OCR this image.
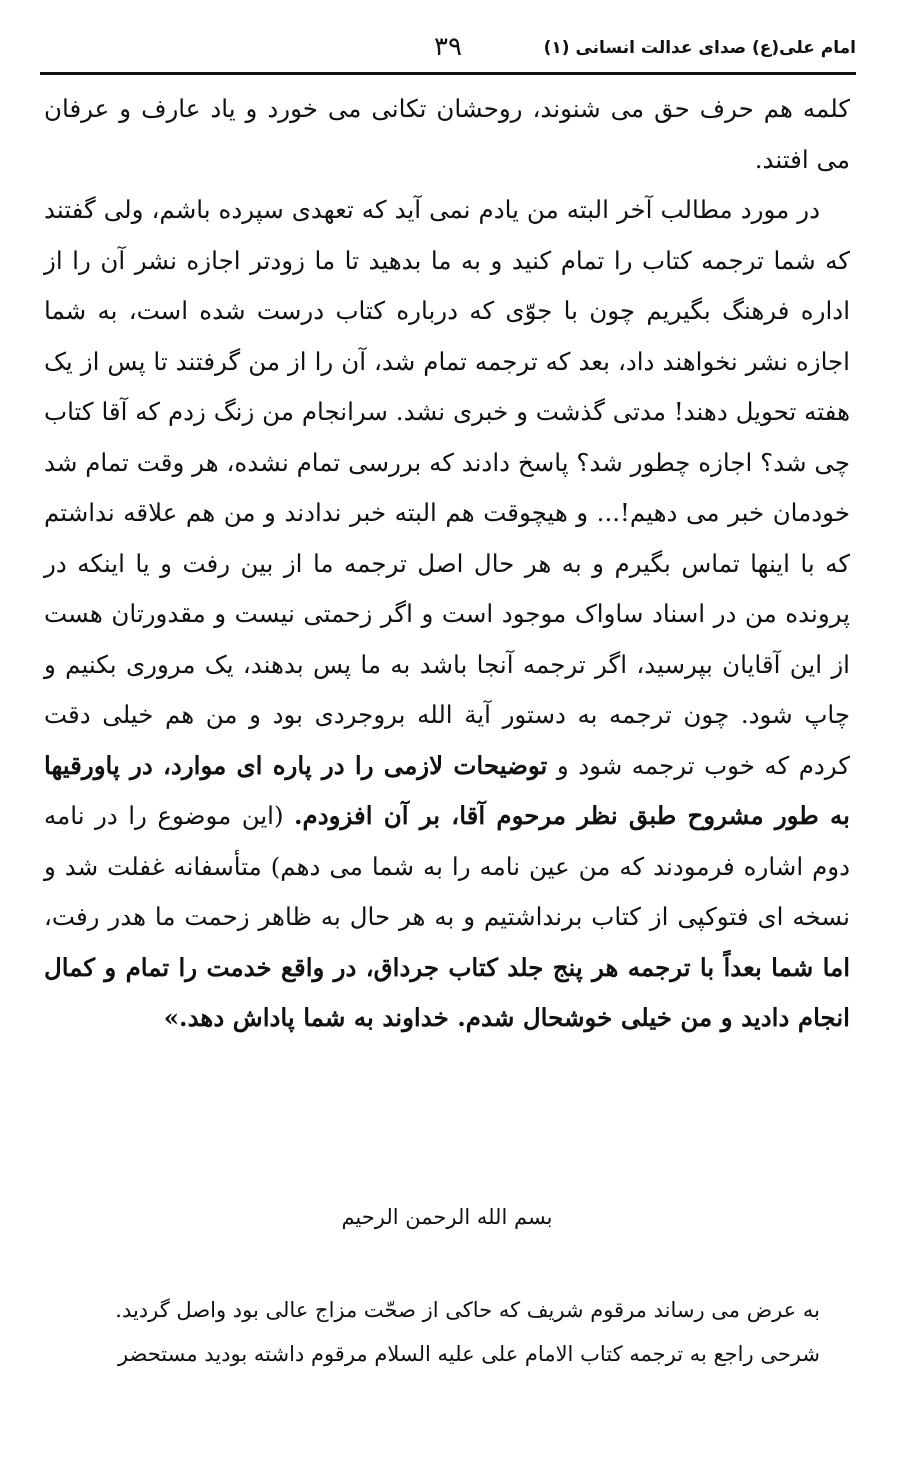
امام علی(ع) صدای عدالت انسانی (۱)
۳۹

کلمه هم حرف حق می شنوند، روحشان تکانی می خورد و یاد عارف و عرفان می افتند.

در مورد مطالب آخر البته من یادم نمی آید که تعهدی سپرده باشم، ولی گفتند که شما ترجمه کتاب را تمام کنید و به ما بدهید تا ما زودتر اجازه نشر آن را از اداره فرهنگ بگیریم چون با جوّی که درباره کتاب درست شده است، به شما اجازه نشر نخواهند داد، بعد که ترجمه تمام شد، آن را از من گرفتند تا پس از یک هفته تحویل دهند! مدتی گذشت و خبری نشد. سرانجام من زنگ زدم که آقا کتاب چی شد؟ اجازه چطور شد؟ پاسخ دادند که بررسی تمام نشده، هر وقت تمام شد خودمان خبر می دهیم!... و هیچوقت هم البته خبر ندادند و من هم علاقه نداشتم که با اینها تماس بگیرم و به هر حال اصل ترجمه ما از بین رفت و یا اینکه در پرونده من در اسناد ساواک موجود است و اگر زحمتی نیست و مقدورتان هست از این آقایان بپرسید، اگر ترجمه آنجا باشد به ما پس بدهند، یک مروری بکنیم و چاپ شود. چون ترجمه به دستور آیة الله بروجردی بود و من هم خیلی دقت کردم که خوب ترجمه شود و توضیحات لازمی را در پاره ای موارد، در پاورقیها به طور مشروح طبق نظر مرحوم آقا، بر آن افزودم. (این موضوع را در نامه دوم اشاره فرمودند که من عین نامه را به شما می دهم) متأسفانه غفلت شد و نسخه ای فتوکپی از کتاب برنداشتیم و به هر حال به ظاهر زحمت ما هدر رفت، اما شما بعداً با ترجمه هر پنج جلد کتاب جرداق، در واقع خدمت را تمام و کمال انجام دادید و من خیلی خوشحال شدم. خداوند به شما پاداش دهد.»

بسم الله الرحمن الرحیم

به عرض می رساند مرقوم شریف که حاکی از صحّت مزاج عالی بود واصل گردید.

شرحی راجع به ترجمه کتاب الامام علی علیه السلام مرقوم داشته بودید مستحضر
